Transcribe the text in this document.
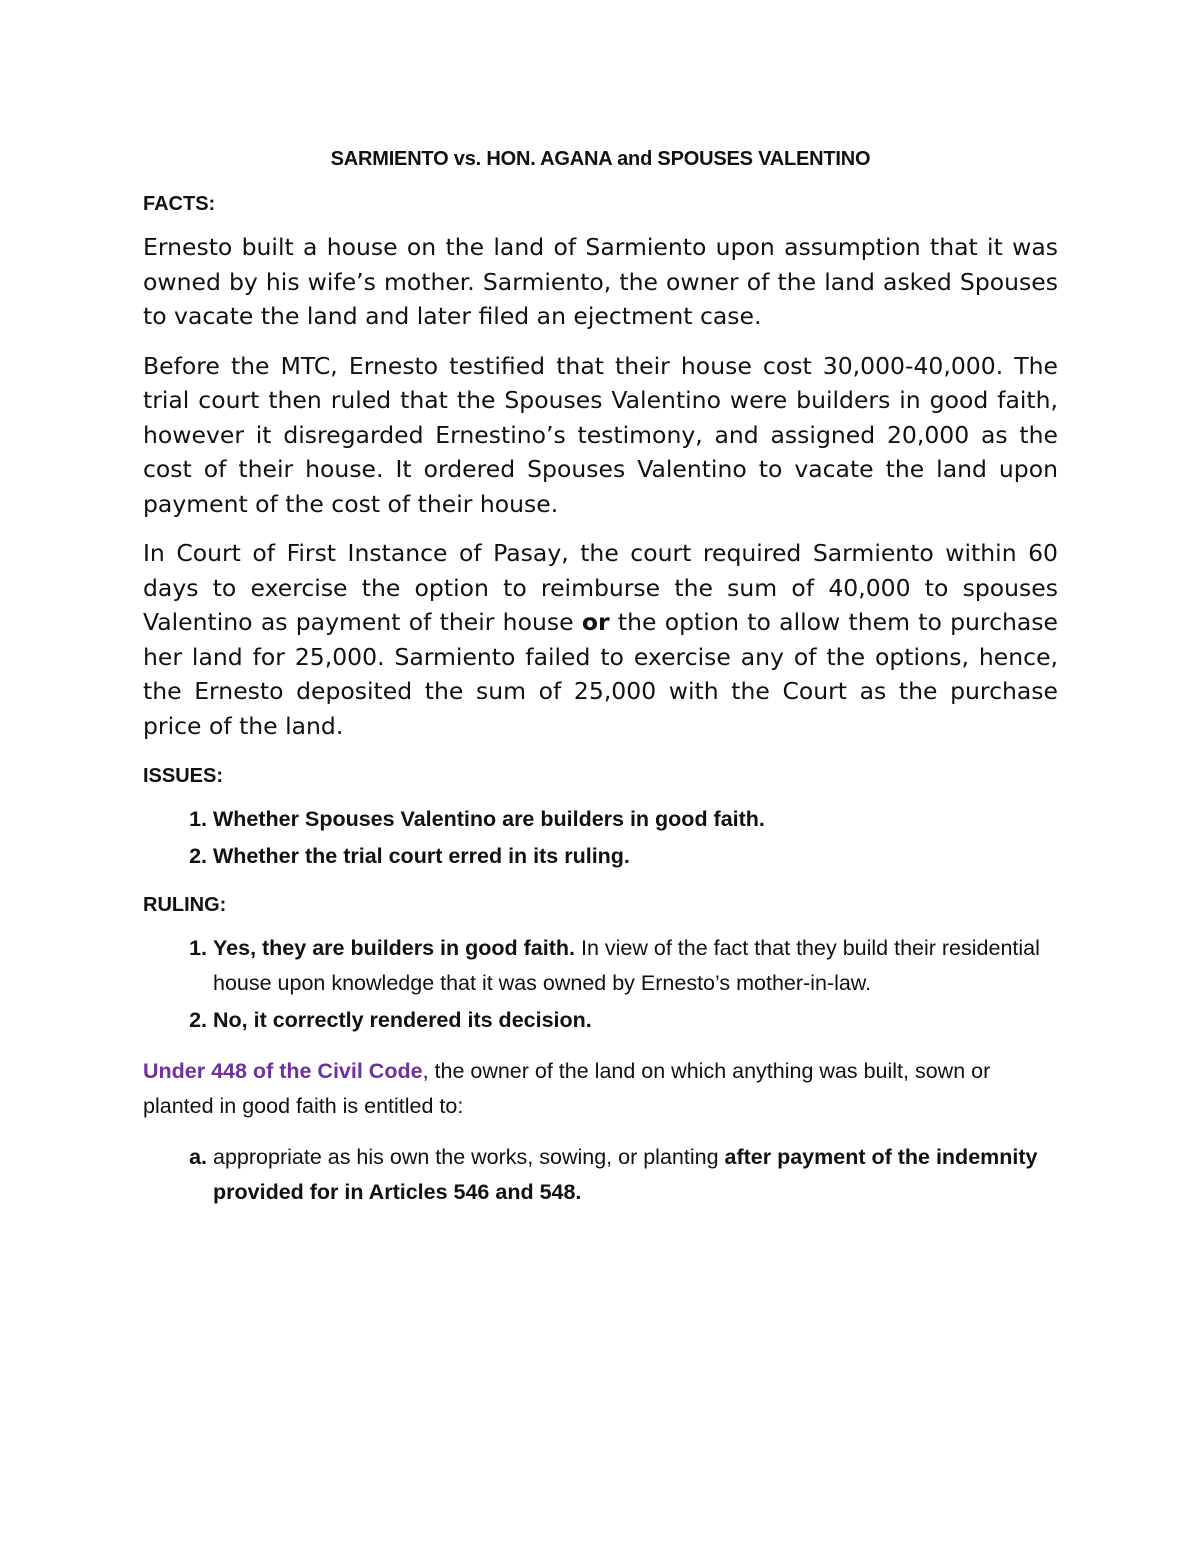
SARMIENTO vs. HON. AGANA and SPOUSES VALENTINO
FACTS:

Ernesto built a house on the land of Sarmiento upon assumption that it was owned by his wife’s mother. Sarmiento, the owner of the land asked Spouses to vacate the land and later filed an ejectment case.

Before the MTC, Ernesto testified that their house cost 30,000-40,000. The trial court then ruled that the Spouses Valentino were builders in good faith, however it disregarded Ernestino’s testimony, and assigned 20,000 as the cost of their house. It ordered Spouses Valentino to vacate the land upon payment of the cost of their house.

In Court of First Instance of Pasay, the court required Sarmiento within 60 days to exercise the option to reimburse the sum of 40,000 to spouses Valentino as payment of their house or the option to allow them to purchase her land for 25,000. Sarmiento failed to exercise any of the options, hence, the Ernesto deposited the sum of 25,000 with the Court as the purchase price of the land.

ISSUES:
1. Whether Spouses Valentino are builders in good faith.
2. Whether the trial court erred in its ruling.
RULING:
1. Yes, they are builders in good faith. In view of the fact that they build their residential house upon knowledge that it was owned by Ernesto’s mother-in-law.
2. No, it correctly rendered its decision.

Under 448 of the Civil Code, the owner of the land on which anything was built, sown or planted in good faith is entitled to:

a. appropriate as his own the works, sowing, or planting after payment of the indemnity provided for in Articles 546 and 548.
